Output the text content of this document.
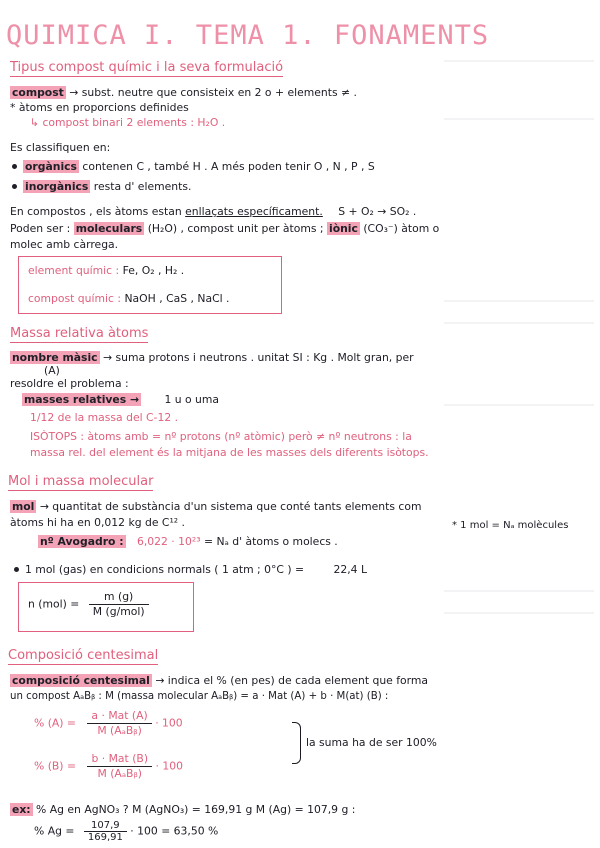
QUIMICA I. TEMA 1. FONAMENTS
Tipus compost químic i la seva formulació
compost → subst. neutre que consisteix en 2 o + elements ≠ .
* àtoms en proporcions definides
↳ compost binari 2 elements : H₂O .
Es classifiquen en:
orgànics contenen C , també H . A més poden tenir O , N , P , S
inorgànics resta d' elements.
En compostos , els àtoms estan enllaçats específicament. S + O₂ → SO₂ .
Poden ser : moleculars (H₂O) , compost unit per àtoms ; iònic (CO₃⁻) àtom o
molec amb càrrega.
element químic : Fe, O₂ , H₂ .
compost químic : NaOH , CaS , NaCl .
Massa relativa àtoms
nombre màsic → suma protons i neutrons . unitat SI : Kg . Molt gran, per
(A)
resoldre el problema :
masses relatives → 1 u o uma
1/12 de la massa del C-12 .
ISÒTOPS : àtoms amb = nº protons (nº atòmic) però ≠ nº neutrons : la
massa rel. del element és la mitjana de les masses dels diferents isòtops.
Mol i massa molecular
mol → quantitat de substància d'un sistema que conté tants elements com
àtoms hi ha en 0,012 kg de C¹² .	* 1 mol = Nₐ molècules
nº Avogadro : 6,022 · 10²³ = Nₐ d' àtoms o molecs .
1 mol (gas) en condicions normals ( 1 atm ; 0°C ) =	22,4 L
n $(mol) = \frac{m (g)}{\text{M (g/mol)}}$
Composició centesimal
composició centesimal → indica el % (en pes) de cada element que forma
un compost AₐBᵦ : M (massa molecular AₐBᵦ) = a · Mat (A) + b · M(at) (B) :
% $(A) = \frac{\text{a · Mat (A)}}{\text{M (AₐBᵦ)}} \cdot 100$
% $(B) = \frac{\text{b · Mat (B)}}{\text{M (AₐBᵦ)}} \cdot 100$
la suma ha de ser 100%
ex: % Ag en AgNO₃ ? M (AgNO₃) = 169,91 g M (Ag) = 107,9 g :
% $Ag = \frac{107,9}{169,91} \cdot 100 = 63,50$ %
